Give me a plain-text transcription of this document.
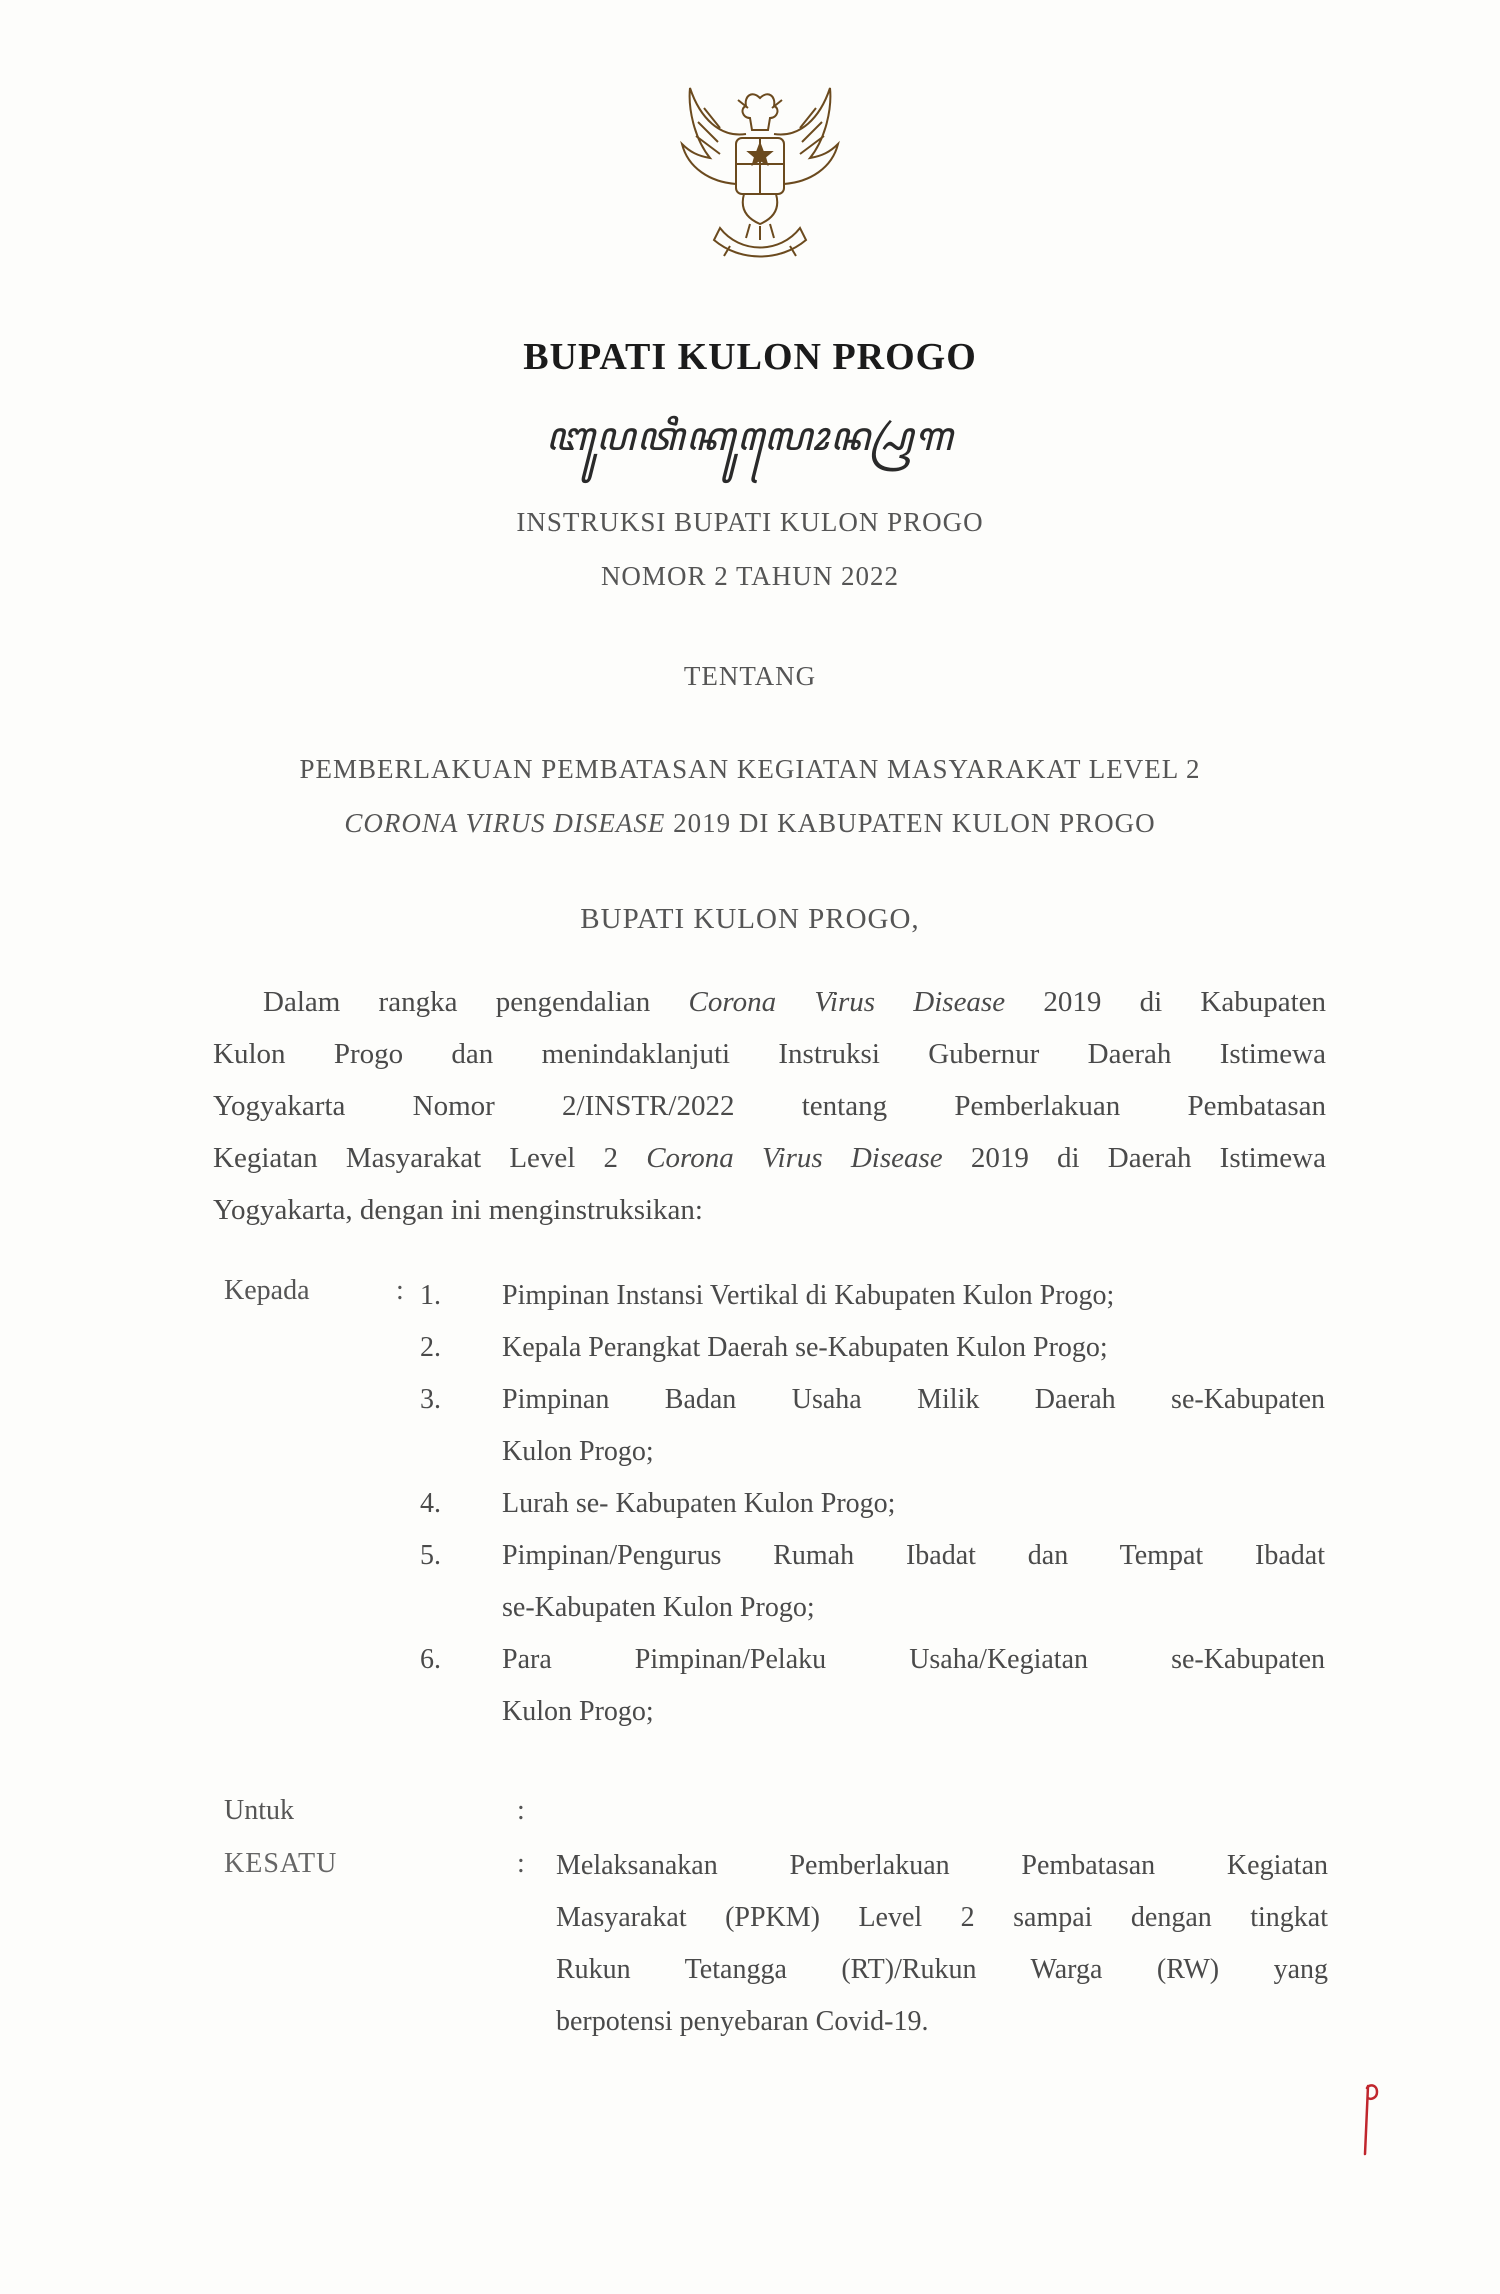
BUPATI KULON PROGO
ꦧꦸꦥꦠꦶꦏꦸꦭꦺꦴꦤ꧀ꦥꦿꦒ
INSTRUKSI BUPATI KULON PROGO
NOMOR 2 TAHUN 2022
TENTANG
PEMBERLAKUAN PEMBATASAN KEGIATAN MASYARAKAT LEVEL 2
CORONA VIRUS DISEASE 2019 DI KABUPATEN KULON PROGO
BUPATI KULON PROGO,
Dalam rangka pengendalian Corona Virus Disease 2019 di Kabupaten
Kulon Progo dan menindaklanjuti Instruksi Gubernur Daerah Istimewa
Yogyakarta Nomor 2/INSTR/2022 tentang Pemberlakuan Pembatasan
Kegiatan Masyarakat Level 2 Corona Virus Disease 2019 di Daerah Istimewa
Yogyakarta, dengan ini menginstruksikan:
Kepada	: 1.	Pimpinan Instansi Vertikal di Kabupaten Kulon Progo;
2.	Kepala Perangkat Daerah se-Kabupaten Kulon Progo;
3.	Pimpinan Badan Usaha Milik Daerah se-Kabupaten
Kulon Progo;
4.	Lurah se- Kabupaten Kulon Progo;
5.	Pimpinan/Pengurus Rumah Ibadat dan Tempat Ibadat
se-Kabupaten Kulon Progo;
6.	Para Pimpinan/Pelaku Usaha/Kegiatan se-Kabupaten
Kulon Progo;
Untuk	:
KESATU	: Melaksanakan Pemberlakuan Pembatasan Kegiatan
Masyarakat (PPKM) Level 2 sampai dengan tingkat
Rukun Tetangga (RT)/Rukun Warga (RW) yang
berpotensi penyebaran Covid-19.
